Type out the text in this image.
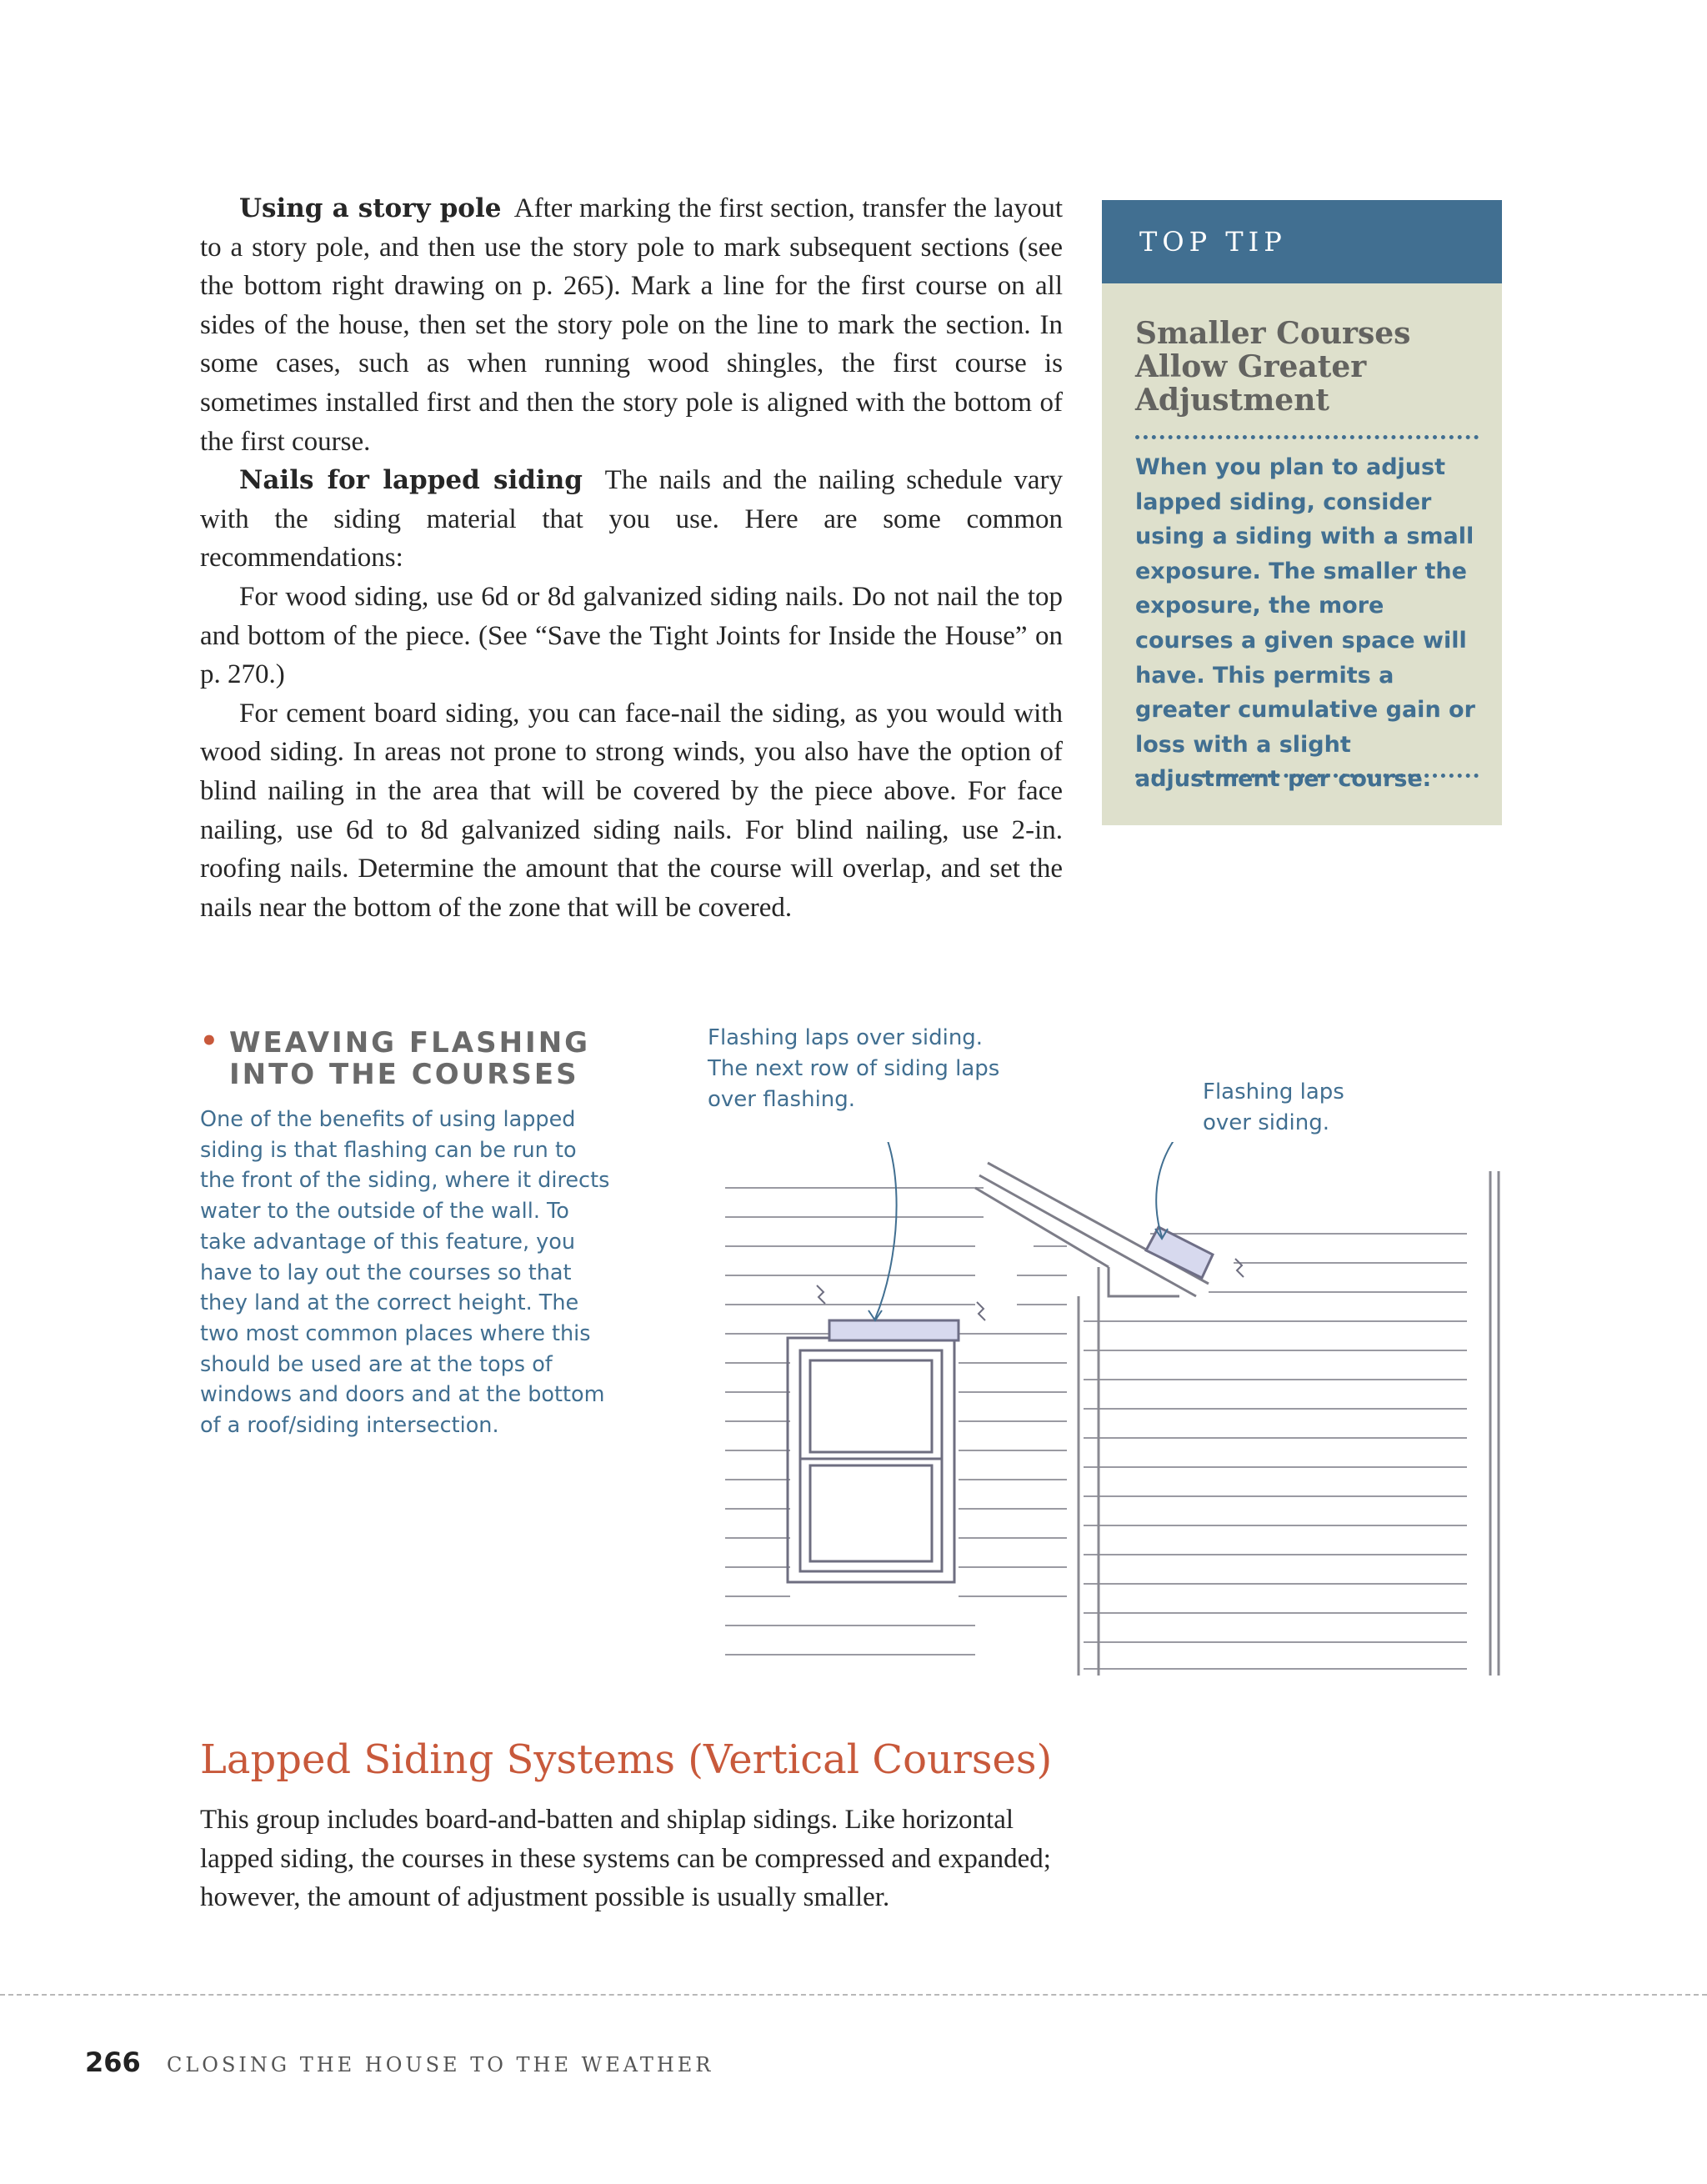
Using a story pole After marking the first section, transfer the layout to a story pole, and then use the story pole to mark subsequent sections (see the bottom right drawing on p. 265). Mark a line for the first course on all sides of the house, then set the story pole on the line to mark the section. In some cases, such as when running wood shingles, the first course is sometimes installed first and then the story pole is aligned with the bottom of the first course.

Nails for lapped siding The nails and the nailing schedule vary with the siding material that you use. Here are some common recommendations:

For wood siding, use 6d or 8d galvanized siding nails. Do not nail the top and bottom of the piece. (See “Save the Tight Joints for Inside the House” on p. 270.)

For cement board siding, you can face-nail the siding, as you would with wood siding. In areas not prone to strong winds, you also have the option of blind nailing in the area that will be covered by the piece above. For face nailing, use 6d to 8d galvanized siding nails. For blind nailing, use 2-in. roofing nails. Determine the amount that the course will overlap, and set the nails near the bottom of the zone that will be covered.

TOP TIP
Smaller Courses Allow Greater Adjustment
When you plan to adjust lapped siding, consider using a siding with a small exposure. The smaller the exposure, the more courses a given space will have. This permits a greater cumulative gain or loss with a slight adjustment per course.
• WEAVING FLASHING
INTO THE COURSES
One of the benefits of using lapped siding is that flashing can be run to the front of the siding, where it directs water to the outside of the wall. To take advantage of this feature, you have to lay out the courses so that they land at the correct height. The two most common places where this should be used are at the tops of windows and doors and at the bottom of a roof/siding intersection.
Flashing laps over siding.
The next row of siding laps
over flashing.	Flashing laps
over siding.
Lapped Siding Systems (Vertical Courses)
This group includes board-and-batten and shiplap sidings. Like horizontal lapped siding, the courses in these systems can be compressed and expanded; however, the amount of adjustment possible is usually smaller.
266 CLOSING THE HOUSE TO THE WEATHER
